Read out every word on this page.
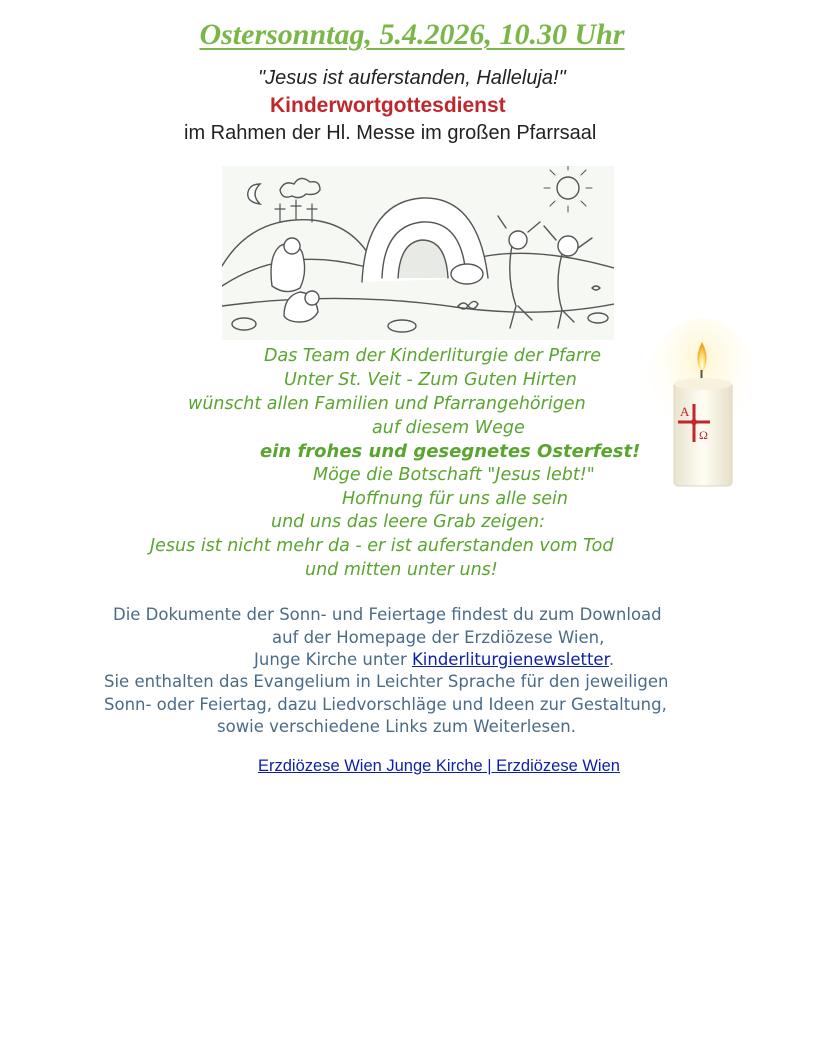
Ostersonntag, 5.4.2026, 10.30 Uhr
"Jesus ist auferstanden, Halleluja!"
Kinderwortgottesdienst
im Rahmen der Hl. Messe im großen Pfarrsaal
A
Ω
Das Team der Kinderliturgie der Pfarre
Unter St. Veit - Zum Guten Hirten
wünscht allen Familien und Pfarrangehörigen
auf diesem Wege
ein frohes und gesegnetes Osterfest!
Möge die Botschaft "Jesus lebt!"
Hoffnung für uns alle sein
und uns das leere Grab zeigen:
Jesus ist nicht mehr da - er ist auferstanden vom Tod
und mitten unter uns!
Die Dokumente der Sonn- und Feiertage findest du zum Download
auf der Homepage der Erzdiözese Wien,
Junge Kirche unter Kinderliturgienewsletter.
Sie enthalten das Evangelium in Leichter Sprache für den jeweiligen
Sonn- oder Feiertag, dazu Liedvorschläge und Ideen zur Gestaltung,
sowie verschiedene Links zum Weiterlesen.
Erzdiözese Wien Junge Kirche | Erzdiözese Wien
